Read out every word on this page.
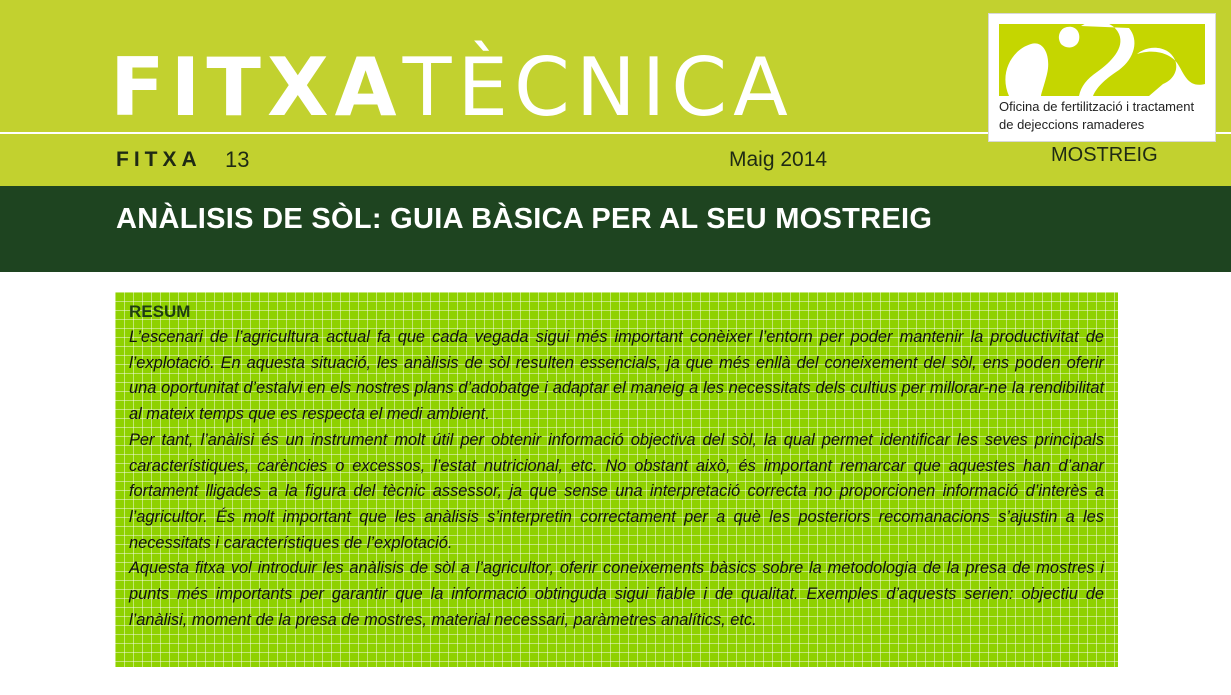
FITXATÈCNICA
FITXA 13	Maig 2014
Oficina de fertilització i tractament de dejeccions ramaderes
MOSTREIG
ANÀLISIS DE SÒL: GUIA BÀSICA PER AL SEU MOSTREIG
RESUM

L’escenari de l’agricultura actual fa que cada vegada sigui més important conèixer l’entorn per poder mantenir la productivitat de l’explotació. En aquesta situació, les anàlisis de sòl resulten essencials, ja que més enllà del coneixement del sòl, ens poden oferir una oportunitat d’estalvi en els nostres plans d’adobatge i adaptar el maneig a les necessitats dels cultius per millorar-ne la rendibilitat al mateix temps que es respecta el medi ambient.

Per tant, l’anàlisi és un instrument molt útil per obtenir informació objectiva del sòl, la qual permet identificar les seves principals característiques, carències o excessos, l’estat nutricional, etc. No obstant això, és important remarcar que aquestes han d’anar fortament lligades a la figura del tècnic assessor, ja que sense una interpretació correcta no proporcionen informació d’interès a l’agricultor. És molt important que les anàlisis s’interpretin correctament per a què les posteriors recomanacions s’ajustin a les necessitats i característiques de l’explotació.

Aquesta fitxa vol introduir les anàlisis de sòl a l’agricultor, oferir coneixements bàsics sobre la metodologia de la presa de mostres i punts més importants per garantir que la informació obtinguda sigui fiable i de qualitat. Exemples d’aquests serien: objectiu de l’anàlisi, moment de la presa de mostres, material necessari, paràmetres analítics, etc.
